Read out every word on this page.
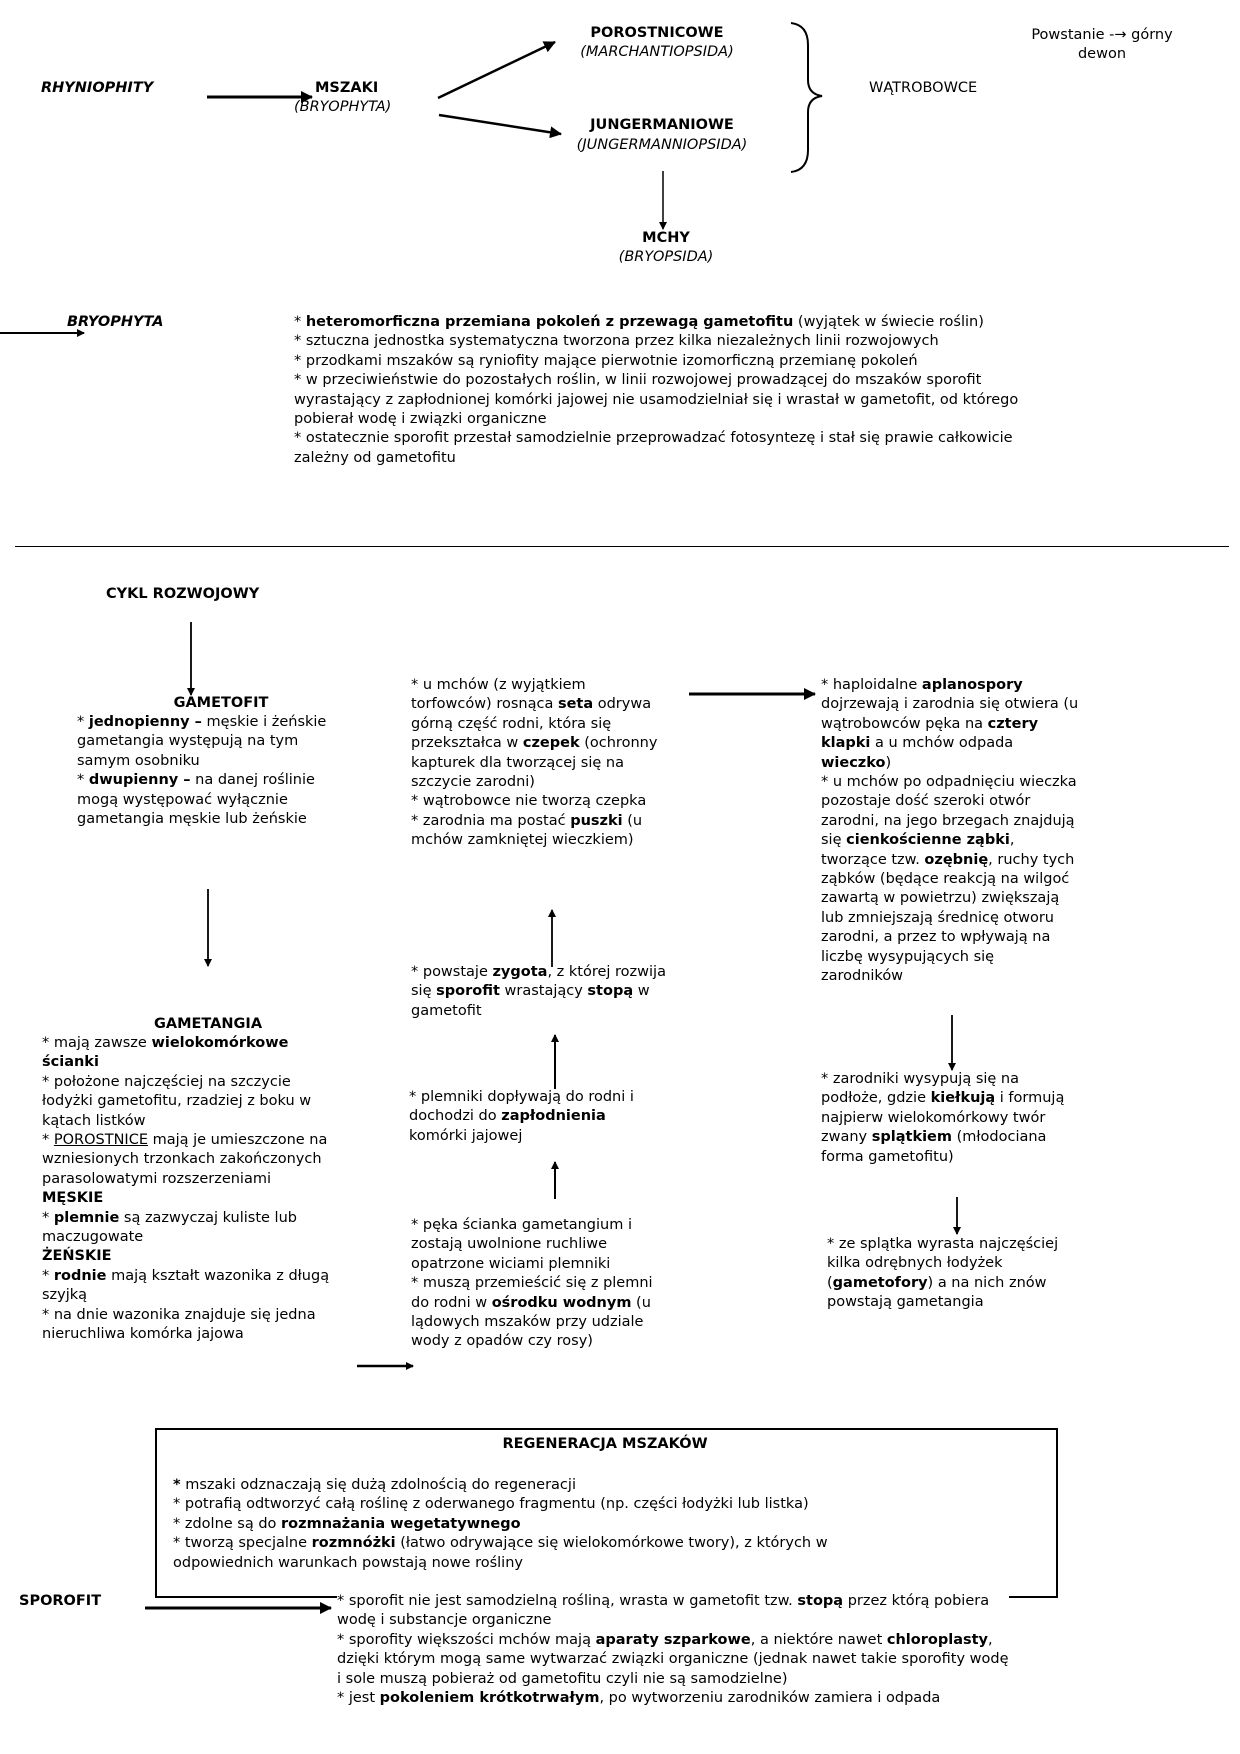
RHYNIOPHITY	MSZAKI
(BRYOPHYTA)
POROSTNICOWE
(MARCHANTIOPSIDA)
JUNGERMANIOWE
(JUNGERMANNIOPSIDA)
WĄTROBOWCE
Powstanie -→ górny
dewon
MCHY
(BRYOPSIDA)
BRYOPHYTA	* heteromorficzna przemiana pokoleń z przewagą gametofitu (wyjątek w świecie roślin)
* sztuczna jednostka systematyczna tworzona przez kilka niezależnych linii rozwojowych
* przodkami mszaków są ryniofity mające pierwotnie izomorficzną przemianę pokoleń
* w przeciwieństwie do pozostałych roślin, w linii rozwojowej prowadzącej do mszaków sporofit
wyrastający z zapłodnionej komórki jajowej nie usamodzielniał się i wrastał w gametofit, od którego
pobierał wodę i związki organiczne
* ostatecznie sporofit przestał samodzielnie przeprowadzać fotosyntezę i stał się prawie całkowicie
zależny od gametofitu
CYKL ROZWOJOWY
GAMETOFIT
* jednopienny – męskie i żeńskie
gametangia występują na tym
samym osobniku
* dwupienny – na danej roślinie
mogą występować wyłącznie
gametangia męskie lub żeńskie
GAMETANGIA
* mają zawsze wielokomórkowe
ścianki
* położone najczęściej na szczycie
łodyżki gametofitu, rzadziej z boku w
kątach listków
* POROSTNICE mają je umieszczone na
wzniesionych trzonkach zakończonych
parasolowatymi rozszerzeniami
MĘSKIE
* plemnie są zazwyczaj kuliste lub
maczugowate
ŻEŃSKIE
* rodnie mają kształt wazonika z długą
szyjką
* na dnie wazonika znajduje się jedna
nieruchliwa komórka jajowa
* u mchów (z wyjątkiem
torfowców) rosnąca seta odrywa
górną część rodni, która się
przekształca w czepek (ochronny
kapturek dla tworzącej się na
szczycie zarodni)
* wątrobowce nie tworzą czepka
* zarodnia ma postać puszki (u
mchów zamkniętej wieczkiem)
* haploidalne aplanospory
dojrzewają i zarodnia się otwiera (u
wątrobowców pęka na cztery
klapki a u mchów odpada
wieczko)
* u mchów po odpadnięciu wieczka
pozostaje dość szeroki otwór
zarodni, na jego brzegach znajdują
się cienkościenne ząbki,
tworzące tzw. ozębnię, ruchy tych
ząbków (będące reakcją na wilgoć
zawartą w powietrzu) zwiększają
lub zmniejszają średnicę otworu
zarodni, a przez to wpływają na
liczbę wysypujących się
zarodników
* powstaje zygota, z której rozwija
się sporofit wrastający stopą w
gametofit
* plemniki dopływają do rodni i
dochodzi do zapłodnienia
komórki jajowej
* pęka ścianka gametangium i
zostają uwolnione ruchliwe
opatrzone wiciami plemniki
* muszą przemieścić się z plemni
do rodni w ośrodku wodnym (u
lądowych mszaków przy udziale
wody z opadów czy rosy)
* zarodniki wysypują się na
podłoże, gdzie kiełkują i formują
najpierw wielokomórkowy twór
zwany splątkiem (młodociana
forma gametofitu)
* ze splątka wyrasta najczęściej
kilka odrębnych łodyżek
(gametofory) a na nich znów
powstają gametangia
REGENERACJA MSZAKÓW
* mszaki odznaczają się dużą zdolnością do regeneracji
* potrafią odtworzyć całą roślinę z oderwanego fragmentu (np. części łodyżki lub listka)
* zdolne są do rozmnażania wegetatywnego
* tworzą specjalne rozmnóżki (łatwo odrywające się wielokomórkowe twory), z których w
odpowiednich warunkach powstają nowe rośliny
SPOROFIT	* sporofit nie jest samodzielną rośliną, wrasta w gametofit tzw. stopą przez którą pobiera
wodę i substancje organiczne
* sporofity większości mchów mają aparaty szparkowe, a niektóre nawet chloroplasty,
dzięki którym mogą same wytwarzać związki organiczne (jednak nawet takie sporofity wodę
i sole muszą pobieraż od gametofitu czyli nie są samodzielne)
* jest pokoleniem krótkotrwałym, po wytworzeniu zarodników zamiera i odpada
